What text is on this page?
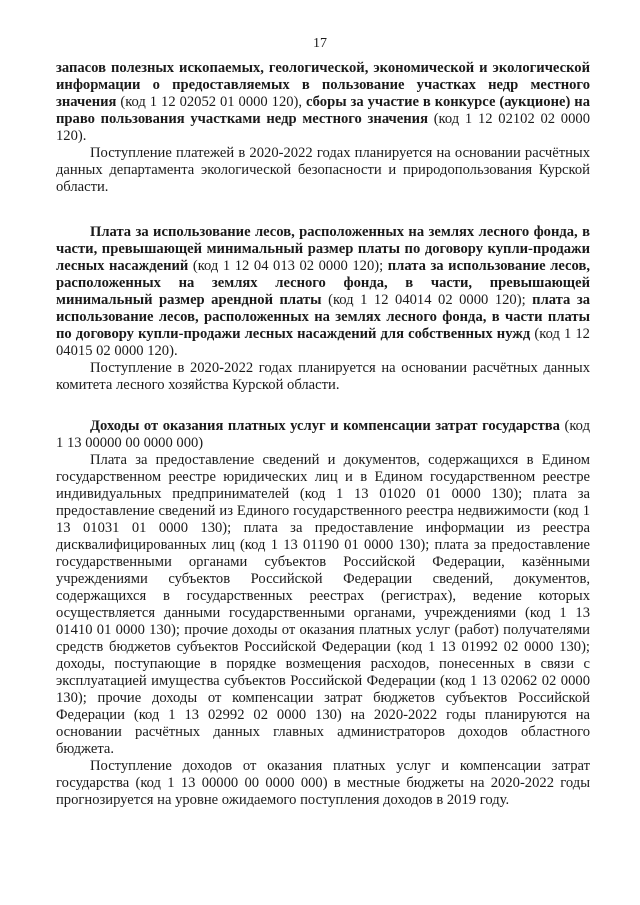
17

запасов полезных ископаемых, геологической, экономической и экологической информации о предоставляемых в пользование участках недр местного значения (код 1 12 02052 01 0000 120), сборы за участие в конкурсе (аукционе) на право пользования участками недр местного значения (код 1 12 02102 02 0000 120).

Поступление платежей в 2020-2022 годах планируется на основании расчётных данных департамента экологической безопасности и природопользования Курской области.

Плата за использование лесов, расположенных на землях лесного фонда, в части, превышающей минимальный размер платы по договору купли-продажи лесных насаждений (код 1 12 04 013 02 0000 120); плата за использование лесов, расположенных на землях лесного фонда, в части, превышающей минимальный размер арендной платы (код 1 12 04014 02 0000 120); плата за использование лесов, расположенных на землях лесного фонда, в части платы по договору купли-продажи лесных насаждений для собственных нужд (код 1 12 04015 02 0000 120).

Поступление в 2020-2022 годах планируется на основании расчётных данных комитета лесного хозяйства Курской области.

Доходы от оказания платных услуг и компенсации затрат государства (код 1 13 00000 00 0000 000)

Плата за предоставление сведений и документов, содержащихся в Едином государственном реестре юридических лиц и в Едином государственном реестре индивидуальных предпринимателей (код 1 13 01020 01 0000 130); плата за предоставление сведений из Единого государственного реестра недвижимости (код 1 13 01031 01 0000 130); плата за предоставление информации из реестра дисквалифицированных лиц (код 1 13 01190 01 0000 130); плата за предоставление государственными органами субъектов Российской Федерации, казёнными учреждениями субъектов Российской Федерации сведений, документов, содержащихся в государственных реестрах (регистрах), ведение которых осуществляется данными государственными органами, учреждениями (код 1 13 01410 01 0000 130); прочие доходы от оказания платных услуг (работ) получателями средств бюджетов субъектов Российской Федерации (код 1 13 01992 02 0000 130); доходы, поступающие в порядке возмещения расходов, понесенных в связи с эксплуатацией имущества субъектов Российской Федерации (код 1 13 02062 02 0000 130); прочие доходы от компенсации затрат бюджетов субъектов Российской Федерации (код 1 13 02992 02 0000 130) на 2020-2022 годы планируются на основании расчётных данных главных администраторов доходов областного бюджета.

Поступление доходов от оказания платных услуг и компенсации затрат государства (код 1 13 00000 00 0000 000) в местные бюджеты на 2020-2022 годы прогнозируется на уровне ожидаемого поступления доходов в 2019 году.
